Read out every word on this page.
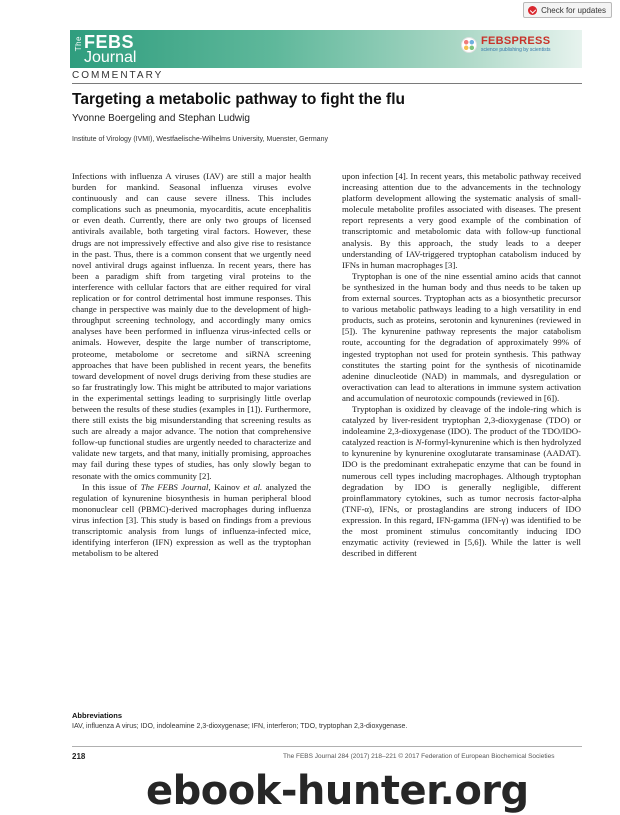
Check for updates
The FEBS
Journal
FEBSPRESS
science publishing by scientists
COMMENTARY
Targeting a metabolic pathway to fight the flu
Yvonne Boergeling and Stephan Ludwig
Institute of Virology (IVMI), Westfaelische-Wilhelms University, Muenster, Germany

Infections with influenza A viruses (IAV) are still a major health burden for mankind. Seasonal influenza viruses evolve continuously and can cause severe illness. This includes complications such as pneumonia, myocarditis, acute encephalitis or even death. Currently, there are only two groups of licensed antivirals available, both targeting viral factors. However, these drugs are not impressively effective and also give rise to resistance in the past. Thus, there is a common consent that we urgently need novel antiviral drugs against influenza. In recent years, there has been a paradigm shift from targeting viral proteins to the interference with cellular factors that are either required for viral replication or for control detrimental host immune responses. This change in perspective was mainly due to the development of high-throughput screening technology, and accordingly many omics analyses have been performed in influenza virus-infected cells or animals. However, despite the large number of transcriptome, proteome, metabolome or secretome and siRNA screening approaches that have been published in recent years, the benefits toward development of novel drugs deriving from these studies are so far frustratingly low. This might be attributed to major variations in the experimental settings leading to surprisingly little overlap between the results of these studies (examples in [1]). Furthermore, there still exists the big misunderstanding that screening results as such are already a major advance. The notion that comprehensive follow-up functional studies are urgently needed to characterize and validate new targets, and that many, initially promising, approaches may fail during these types of studies, has only slowly began to resonate with the omics community [2].

In this issue of The FEBS Journal, Kainov et al. analyzed the regulation of kynurenine biosynthesis in human peripheral blood mononuclear cell (PBMC)-derived macrophages during influenza virus infection [3]. This study is based on findings from a previous transcriptomic analysis from lungs of influenza-infected mice, identifying interferon (IFN) expression as well as the tryptophan metabolism to be altered

upon infection [4]. In recent years, this metabolic pathway received increasing attention due to the advancements in the technology platform development allowing the systematic analysis of small-molecule metabolite profiles associated with diseases. The present report represents a very good example of the combination of transcriptomic and metabolomic data with follow-up functional analysis. By this approach, the study leads to a deeper understanding of IAV-triggered tryptophan catabolism induced by IFNs in human macrophages [3].

Tryptophan is one of the nine essential amino acids that cannot be synthesized in the human body and thus needs to be taken up from external sources. Tryptophan acts as a biosynthetic precursor to various metabolic pathways leading to a high versatility in end products, such as proteins, serotonin and kynurenines (reviewed in [5]). The kynurenine pathway represents the major catabolism route, accounting for the degradation of approximately 99% of ingested tryptophan not used for protein synthesis. This pathway constitutes the starting point for the synthesis of nicotinamide adenine dinucleotide (NAD) in mammals, and dysregulation or overactivation can lead to alterations in immune system activation and accumulation of neurotoxic compounds (reviewed in [6]).

Tryptophan is oxidized by cleavage of the indole-ring which is catalyzed by liver-resident tryptophan 2,3-dioxygenase (TDO) or indoleamine 2,3-dioxygenase (IDO). The product of the TDO/IDO-catalyzed reaction is N-formyl-kynurenine which is then hydrolyzed to kynurenine by kynurenine oxoglutarate transaminase (AADAT). IDO is the predominant extrahepatic enzyme that can be found in numerous cell types including macrophages. Although tryptophan degradation by IDO is generally negligible, different proinflammatory cytokines, such as tumor necrosis factor-alpha (TNF-α), IFNs, or prostaglandins are strong inducers of IDO expression. In this regard, IFN-gamma (IFN-γ) was identified to be the most prominent stimulus concomitantly inducing IDO enzymatic activity (reviewed in [5,6]). While the latter is well described in different

Abbreviations
IAV, influenza A virus; IDO, indoleamine 2,3-dioxygenase; IFN, interferon; TDO, tryptophan 2,3-dioxygenase.
218	The FEBS Journal 284 (2017) 218–221 © 2017 Federation of European Biochemical Societies
ebook-hunter.org
